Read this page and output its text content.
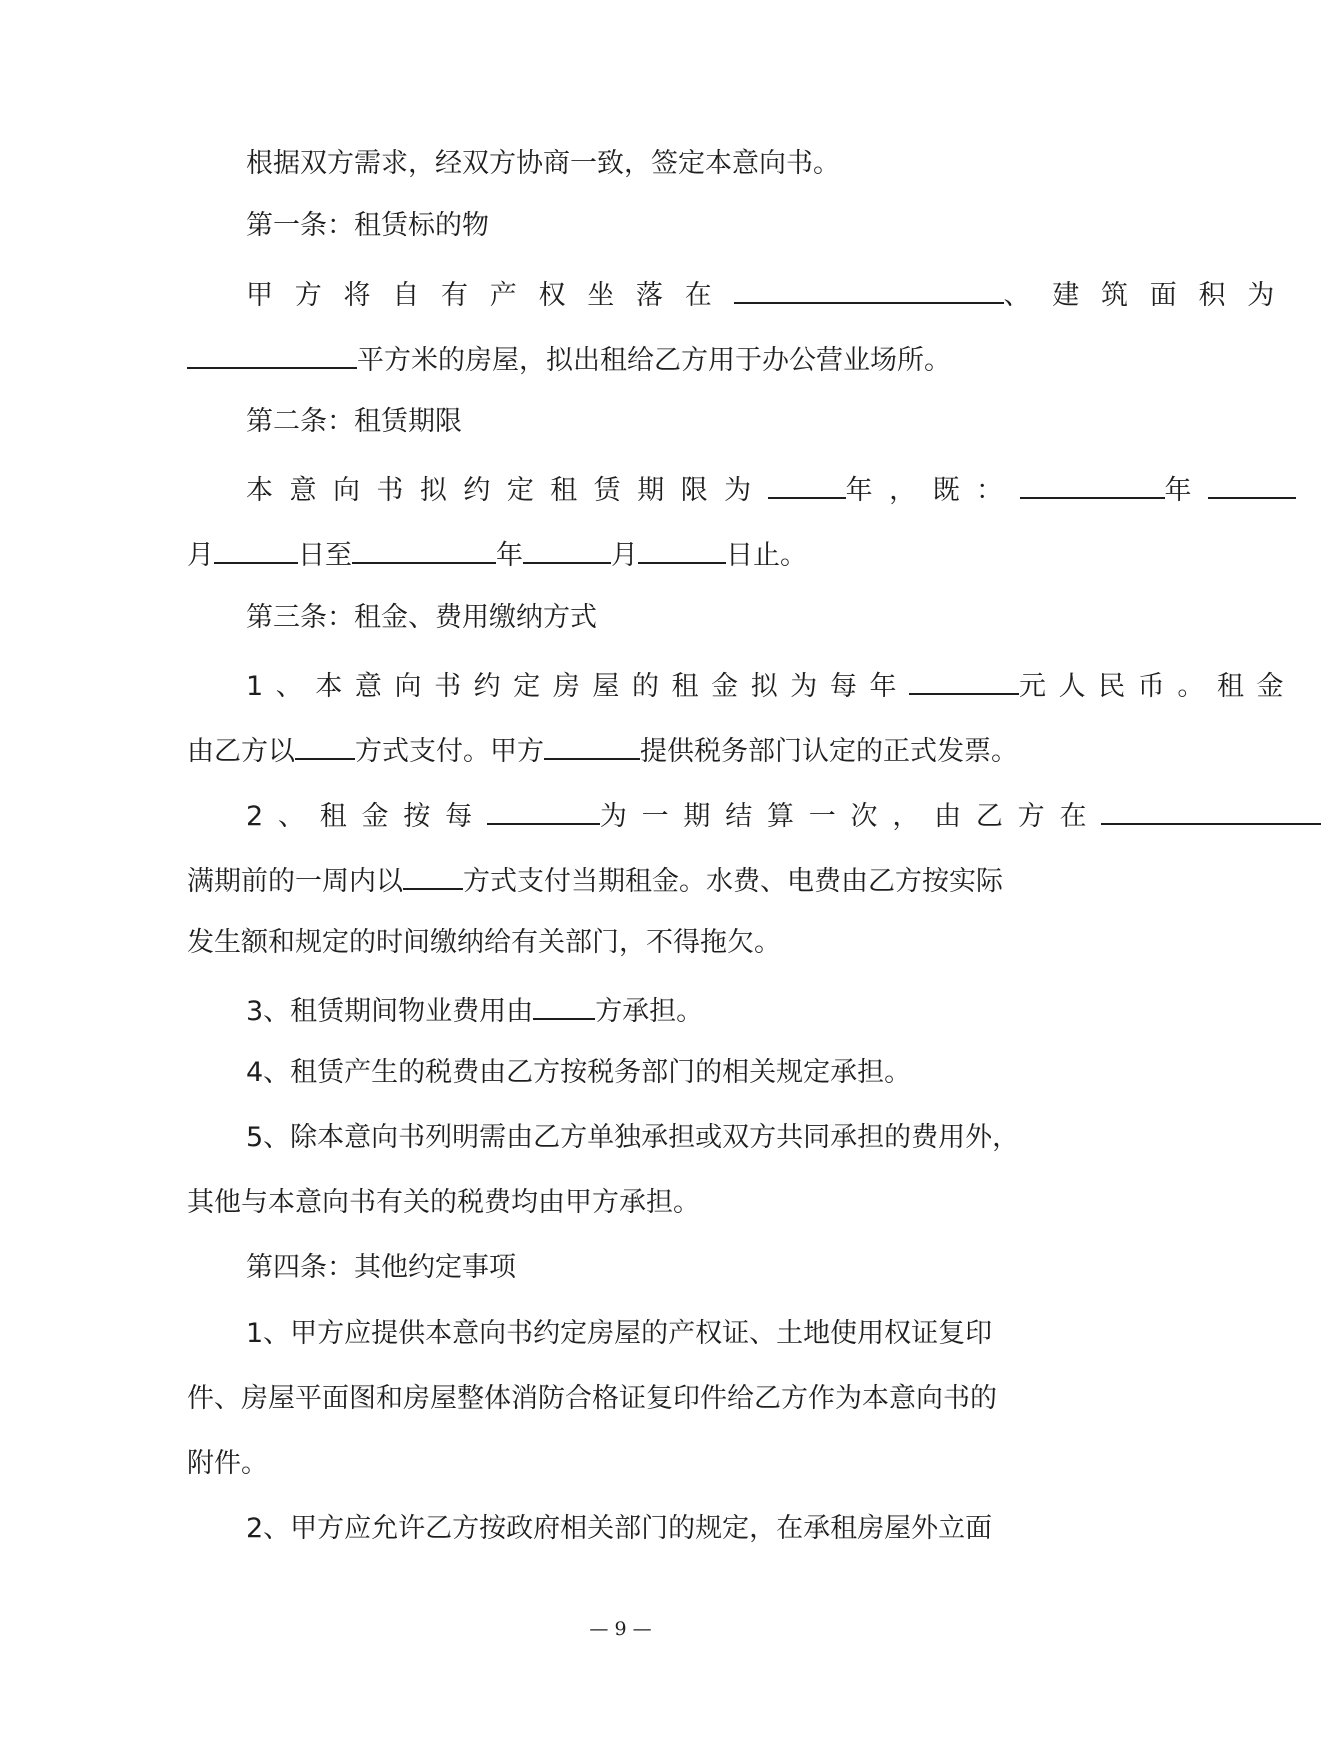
根据双方需求，经双方协商一致，签定本意向书。
第一条：租赁标的物
甲方将自有产权坐落在	、建筑面积为
平方米的房屋，拟出租给乙方用于办公营业场所。
第二条：租赁期限
本意向书拟约定租赁期限为	年，既：	年
月	日至	年	月	日止。
第三条：租金、费用缴纳方式
1、本意向书约定房屋的租金拟为每年	元人民币。租金
由乙方以 方式支付。甲方	提供税务部门认定的正式发票。
2、租金按每	为一期结算一次，由乙方在
满期前的一周内以 方式支付当期租金。水费、电费由乙方按实际
发生额和规定的时间缴纳给有关部门，不得拖欠。
3、租赁期间物业费用由 方承担。
4、租赁产生的税费由乙方按税务部门的相关规定承担。
5、除本意向书列明需由乙方单独承担或双方共同承担的费用外，
其他与本意向书有关的税费均由甲方承担。
第四条：其他约定事项
1、甲方应提供本意向书约定房屋的产权证、土地使用权证复印
件、房屋平面图和房屋整体消防合格证复印件给乙方作为本意向书的
附件。
2、甲方应允许乙方按政府相关部门的规定，在承租房屋外立面
— 9 —
